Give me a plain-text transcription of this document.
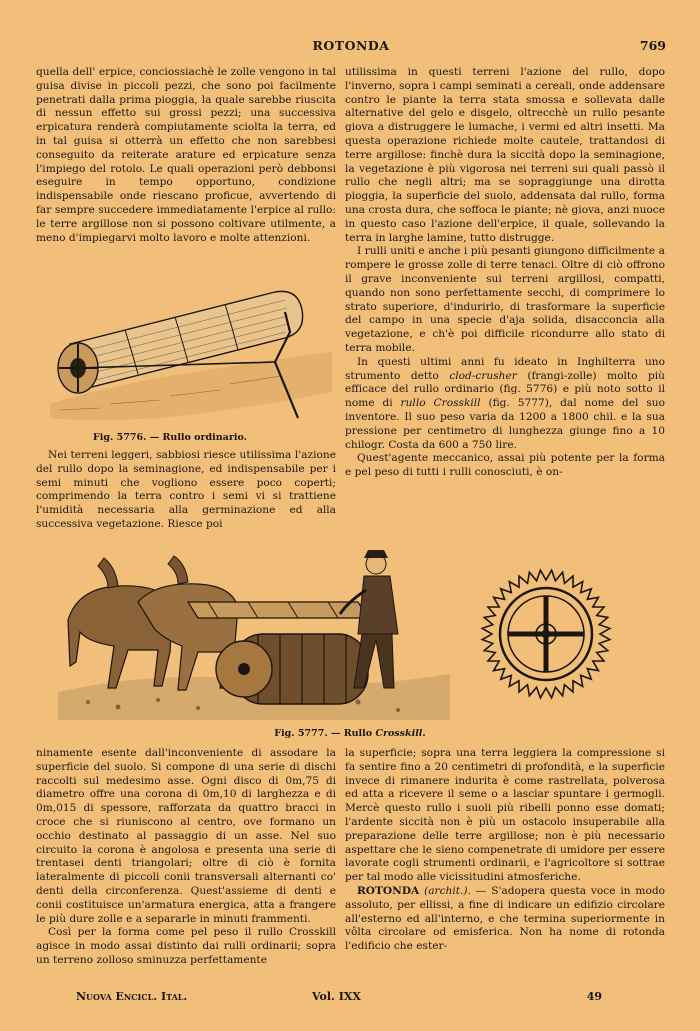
ROTONDA	769

quella dell' erpice, conciossiachè le zolle vengono in tal guisa divise in piccoli pezzi, che sono poi facilmente penetrati dalla prima pioggia, la quale sarebbe riuscita di nessun effetto sui grossi pezzi; una successiva erpicatura renderà compiutamente sciolta la terra, ed in tal guisa si otterrà un effetto che non sarebbesi conseguito da reiterate arature ed erpicature senza l'impiego del rotolo. Le quali operazioni però debbonsi eseguire in tempo opportuno, condizione indispensabile onde riescano proficue, avvertendo di far sempre succedere immediatamente l'erpice al rullo: le terre argillose non si possono coltivare utilmente, a meno d'impiegarvi molto lavoro e molte attenzioni.

Fig. 5776. — Rullo ordinario.

Nei terreni leggeri, sabbiosi riesce utilissima l'azione del rullo dopo la seminagione, ed indispensabile per i semi minuti che vogliono essere poco coperti; comprimendo la terra contro i semi vi si trattiene l'umidità necessaria alla germinazione ed alla successiva vegetazione. Riesce poi

utilissima in questi terreni l'azione del rullo, dopo l'inverno, sopra i campi seminati a cereali, onde addensare contro le piante la terra stata smossa e sollevata dalle alternative del gelo e disgelo, oltrecchè un rullo pesante giova a distruggere le lumache, i vermi ed altri insetti. Ma questa operazione richiede molte cautele, trattandosi di terre argillose: finchè dura la siccità dopo la seminagione, la vegetazione è più vigorosa nei terreni sui quali passò il rullo che negli altri; ma se sopraggiunge una dirotta pioggia, la superficie del suolo, addensata dal rullo, forma una crosta dura, che soffoca le piante; nè giova, anzi nuoce in questo caso l'azione dell'erpice, il quale, sollevando la terra in larghe lamine, tutto distrugge.

I rulli uniti e anche i più pesanti giungono difficilmente a rompere le grosse zolle di terre tenaci. Oltre di ciò offrono il grave inconveniente sui terreni argillosi, compatti, quando non sono perfettamente secchi, di comprimere lo strato superiore, d'indurirlo, di trasformare la superficie del campo in una specie d'aja solida, disacconcia alla vegetazione, e ch'è poi difficile ricondurre allo stato di terra mobile.

In questi ultimi anni fu ideato in Inghilterra uno strumento detto clod-crusher (frangi-zolle) molto più efficace del rullo ordinario (fig. 5776) e più noto sotto il nome di rullo Crosskill (fig. 5777), dal nome del suo inventore. Il suo peso varia da 1200 a 1800 chil. e la sua pressione per centimetro di lunghezza giunge fino a 10 chilogr. Costa da 600 a 750 lire.

Quest'agente meccanico, assai più potente per la forma e pel peso di tutti i rulli conosciuti, è on-

Fig. 5777. — Rullo Crosskill.

ninamente esente dall'inconveniente di assodare la superficie del suolo. Si compone di una serie di dischi raccolti sul medesimo asse. Ogni disco di 0m,75 di diametro offre una corona di 0m,10 di larghezza e di 0m,015 di spessore, rafforzata da quattro bracci in croce che si riuniscono al centro, ove formano un occhio destinato al passaggio di un asse. Nel suo circuito la corona è angolosa e presenta una serie di trentasei denti triangolari; oltre di ciò è fornita lateralmente di piccoli conii transversali alternanti co' denti della circonferenza. Quest'assieme di denti e conii costituisce un'armatura energica, atta a frangere le più dure zolle e a separarle in minuti frammenti.

Così per la forma come pel peso il rullo Crosskill agisce in modo assai distinto dai rulli ordinarii; sopra un terreno zolloso sminuzza perfettamente

la superficie; sopra una terra leggiera la compressione si fa sentire fino a 20 centimetri di profondità, e la superficie invece di rimanere indurita è come rastrellata, polverosa ed atta a ricevere il seme o a lasciar spuntare i germogli. Mercè questo rullo i suoli più ribelli ponno esse domati; l'ardente siccità non è più un ostacolo insuperabile alla preparazione delle terre argillose; non è più necessario aspettare che le sieno compenetrate di umidore per essere lavorate cogli strumenti ordinarii, e l'agricoltore si sottrae per tal modo alle vicissitudini atmosferiche.

ROTONDA (archit.). — S'adopera questa voce in modo assoluto, per ellissi, a fine di indicare un edifizio circolare all'esterno ed all'interno, e che termina superiormente in vôlta circolare od emisferica. Non ha nome di rotonda l'edificio che ester-

Nuova Encicl. Ital.	Vol. IXX	49
